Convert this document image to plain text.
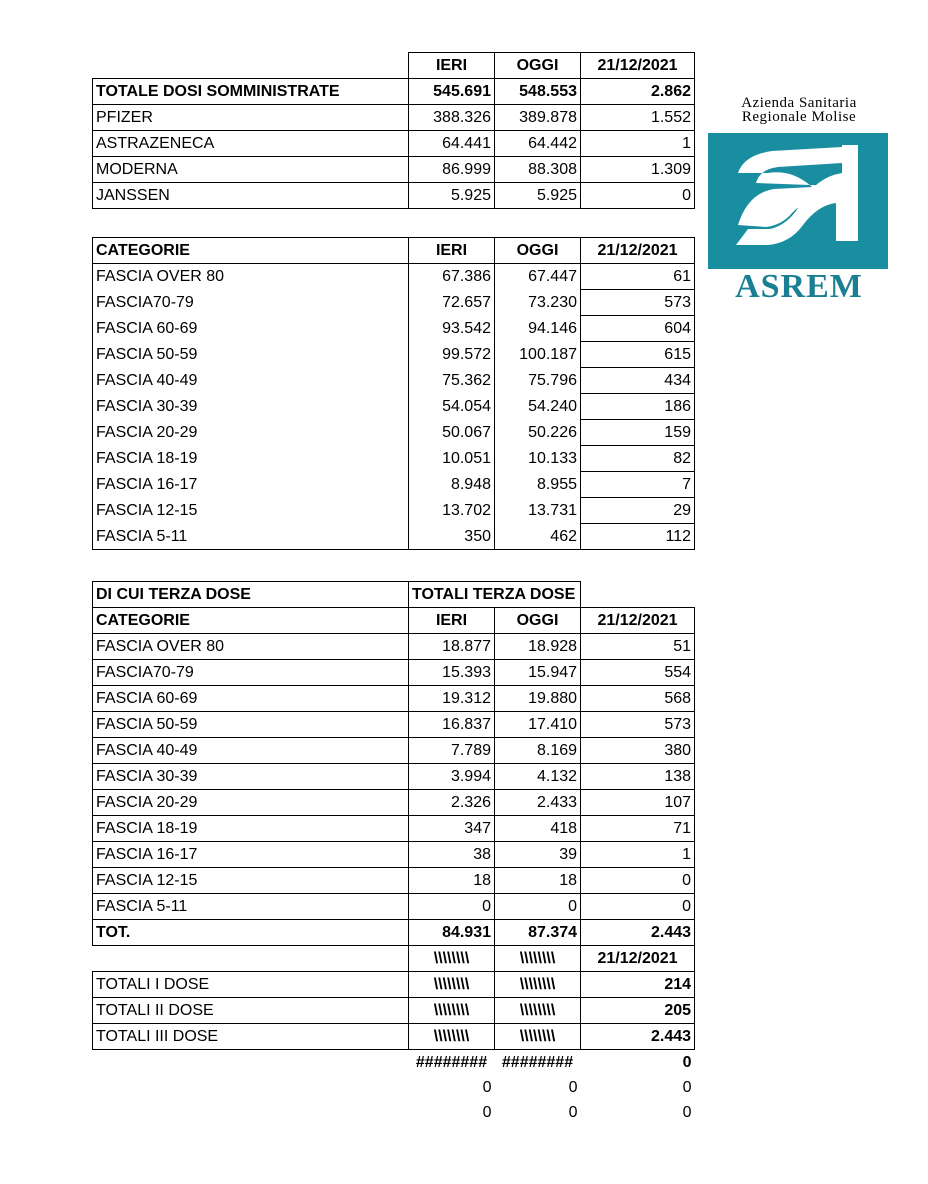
	IERI	OGGI	21/12/2021
TOTALE DOSI SOMMINISTRATE	545.691	548.553	2.862
PFIZER	388.326	389.878	1.552
ASTRAZENECA	64.441	64.442	1
MODERNA	86.999	88.308	1.309
JANSSEN	5.925	5.925	0
CATEGORIE	IERI	OGGI	21/12/2021
FASCIA OVER 80	67.386	67.447	61
FASCIA70-79	72.657	73.230	573
FASCIA 60-69	93.542	94.146	604
FASCIA 50-59	99.572	100.187	615
FASCIA 40-49	75.362	75.796	434
FASCIA 30-39	54.054	54.240	186
FASCIA 20-29	50.067	50.226	159
FASCIA 18-19	10.051	10.133	82
FASCIA 16-17	8.948	8.955	7
FASCIA 12-15	13.702	13.731	29
FASCIA 5-11	350	462	112
DI CUI TERZA DOSE	TOTALI TERZA DOSE		
CATEGORIE	IERI	OGGI	21/12/2021
FASCIA OVER 80	18.877	18.928	51
FASCIA70-79	15.393	15.947	554
FASCIA 60-69	19.312	19.880	568
FASCIA 50-59	16.837	17.410	573
FASCIA 40-49	7.789	8.169	380
FASCIA 30-39	3.994	4.132	138
FASCIA 20-29	2.326	2.433	107
FASCIA 18-19	347	418	71
FASCIA 16-17	38	39	1
FASCIA 12-15	18	18	0
FASCIA 5-11	0	0	0
TOT.	84.931	87.374	2.443
	\\\\\\\\	\\\\\\\\	21/12/2021
TOTALI I DOSE	\\\\\\\\	\\\\\\\\	214
TOTALI II DOSE	\\\\\\\\	\\\\\\\\	205
TOTALI III DOSE	\\\\\\\\	\\\\\\\\	2.443
	########	########	0
	0	0	0
	0	0	0
Azienda Sanitaria
Regionale Molise
ASREM
